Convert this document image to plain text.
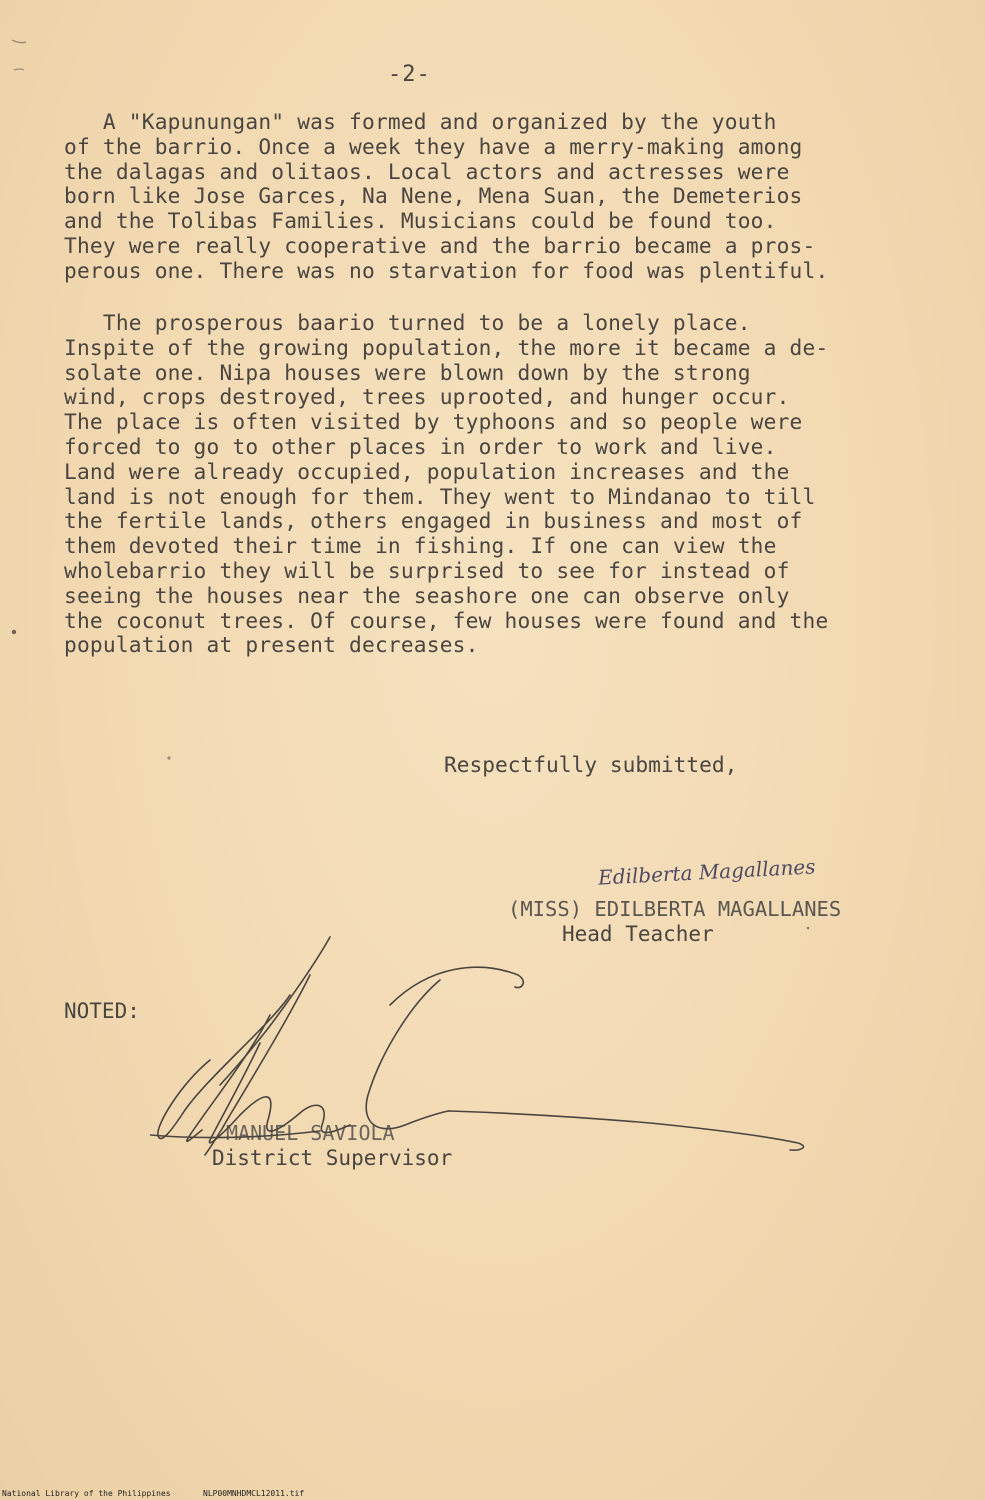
-2-
A "Kapunungan" was formed and organized by the youth
of the barrio. Once a week they have a merry-making among
the dalagas and olitaos. Local actors and actresses were
born like Jose Garces, Na Nene, Mena Suan, the Demeterios
and the Tolibas Families. Musicians could be found too.
They were really cooperative and the barrio became a pros-
perous one. There was no starvation for food was plentiful.
The prosperous baario turned to be a lonely place.
Inspite of the growing population, the more it became a de-
solate one. Nipa houses were blown down by the strong
wind, crops destroyed, trees uprooted, and hunger occur.
The place is often visited by typhoons and so people were
forced to go to other places in order to work and live.
Land were already occupied, population increases and the
land is not enough for them. They went to Mindanao to till
the fertile lands, others engaged in business and most of
them devoted their time in fishing. If one can view the
wholebarrio they will be surprised to see for instead of
seeing the houses near the seashore one can observe only
the coconut trees. Of course, few houses were found and the
population at present decreases.
Respectfully submitted,
Edilberta Magallanes
(MISS) EDILBERTA MAGALLANES
Head Teacher
NOTED:
MANUEL SAVIOLA
District Supervisor
National Library of the Philippines	NLP00MNHDMCL12011.tif
